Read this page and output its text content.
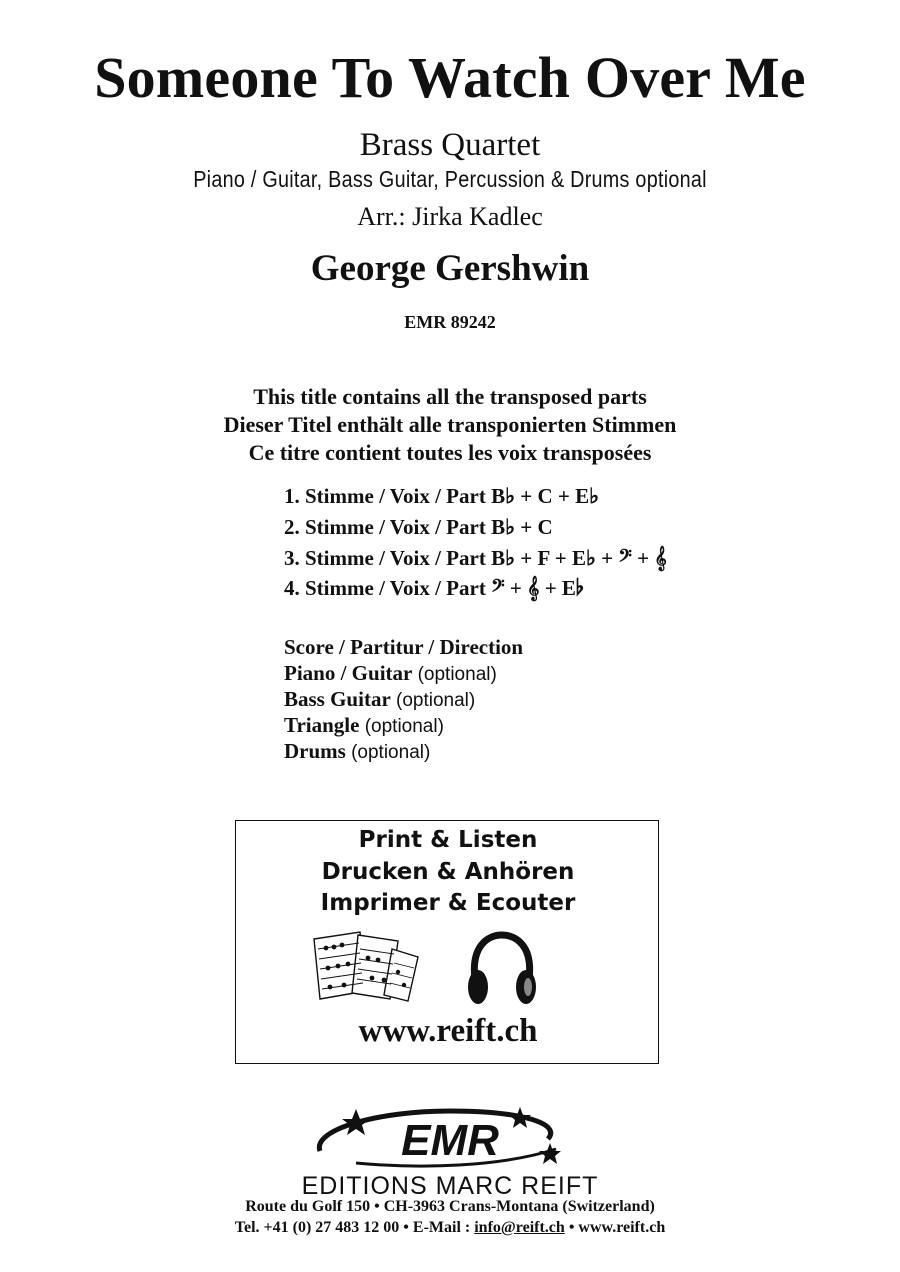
Someone To Watch Over Me
Brass Quartet
Piano / Guitar, Bass Guitar, Percussion & Drums optional
Arr.: Jirka Kadlec
George Gershwin
EMR 89242
This title contains all the transposed parts
Dieser Titel enthält alle transponierten Stimmen
Ce titre contient toutes les voix transposées
1. Stimme / Voix / Part B♭ + C + E♭
2. Stimme / Voix / Part B♭ + C
3. Stimme / Voix / Part B♭ + F + E♭ + 𝄢 + 𝄞
4. Stimme / Voix / Part 𝄢 + 𝄞 + E♭
Score / Partitur / Direction
Piano / Guitar (optional)
Bass Guitar (optional)
Triangle (optional)
Drums (optional)
Print & Listen
Drucken & Anhören
Imprimer & Ecouter
www.reift.ch
EMR
EDITIONS MARC REIFT
Route du Golf 150 • CH-3963 Crans-Montana (Switzerland)
Tel. +41 (0) 27 483 12 00 • E-Mail : info@reift.ch • www.reift.ch
